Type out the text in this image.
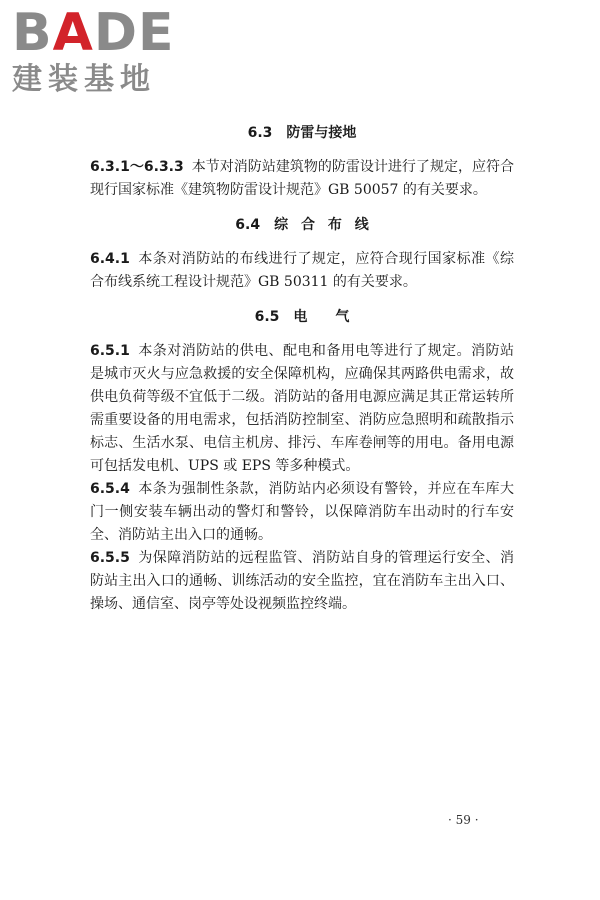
BADE
建装基地
6.3　防雷与接地

6.3.1～6.3.3 本节对消防站建筑物的防雷设计进行了规定，应符合现行国家标准《建筑物防雷设计规范》GB 50057 的有关要求。

6.4　综 合 布 线

6.4.1 本条对消防站的布线进行了规定，应符合现行国家标准《综合布线系统工程设计规范》GB 50311 的有关要求。

6.5　电　　气

6.5.1 本条对消防站的供电、配电和备用电等进行了规定。消防站是城市灭火与应急救援的安全保障机构，应确保其两路供电需求，故供电负荷等级不宜低于二级。消防站的备用电源应满足其正常运转所需重要设备的用电需求，包括消防控制室、消防应急照明和疏散指示标志、生活水泵、电信主机房、排污、车库卷闸等的用电。备用电源可包括发电机、UPS 或 EPS 等多种模式。

6.5.4 本条为强制性条款，消防站内必须设有警铃，并应在车库大门一侧安装车辆出动的警灯和警铃，以保障消防车出动时的行车安全、消防站主出入口的通畅。

6.5.5 为保障消防站的远程监管、消防站自身的管理运行安全、消防站主出入口的通畅、训练活动的安全监控，宜在消防车主出入口、操场、通信室、岗亭等处设视频监控终端。

· 59 ·
